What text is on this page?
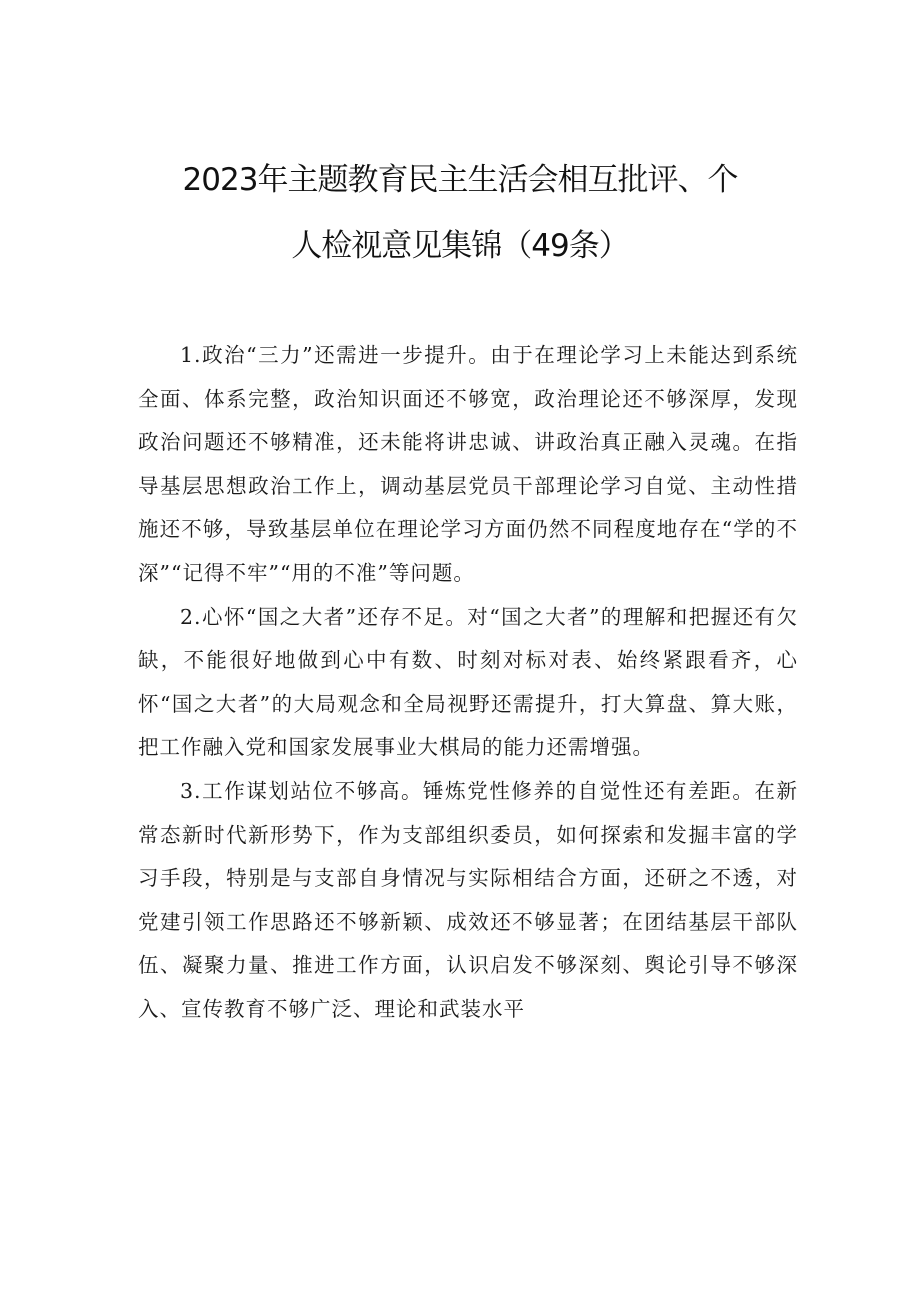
2023年主题教育民主生活会相互批评、个
人检视意见集锦（49条）

1.政治“三力”还需进一步提升。由于在理论学习上未能达到系统全面、体系完整，政治知识面还不够宽，政治理论还不够深厚，发现政治问题还不够精准，还未能将讲忠诚、讲政治真正融入灵魂。在指导基层思想政治工作上，调动基层党员干部理论学习自觉、主动性措施还不够，导致基层单位在理论学习方面仍然不同程度地存在“学的不深”“记得不牢”“用的不准”等问题。

2.心怀“国之大者”还存不足。对“国之大者”的理解和把握还有欠缺，不能很好地做到心中有数、时刻对标对表、始终紧跟看齐，心怀“国之大者”的大局观念和全局视野还需提升，打大算盘、算大账，把工作融入党和国家发展事业大棋局的能力还需增强。

3.工作谋划站位不够高。锤炼党性修养的自觉性还有差距。在新常态新时代新形势下，作为支部组织委员，如何探索和发掘丰富的学习手段，特别是与支部自身情况与实际相结合方面，还研之不透，对党建引领工作思路还不够新颖、成效还不够显著；在团结基层干部队伍、凝聚力量、推进工作方面，认识启发不够深刻、舆论引导不够深入、宣传教育不够广泛、理论和武装水平
